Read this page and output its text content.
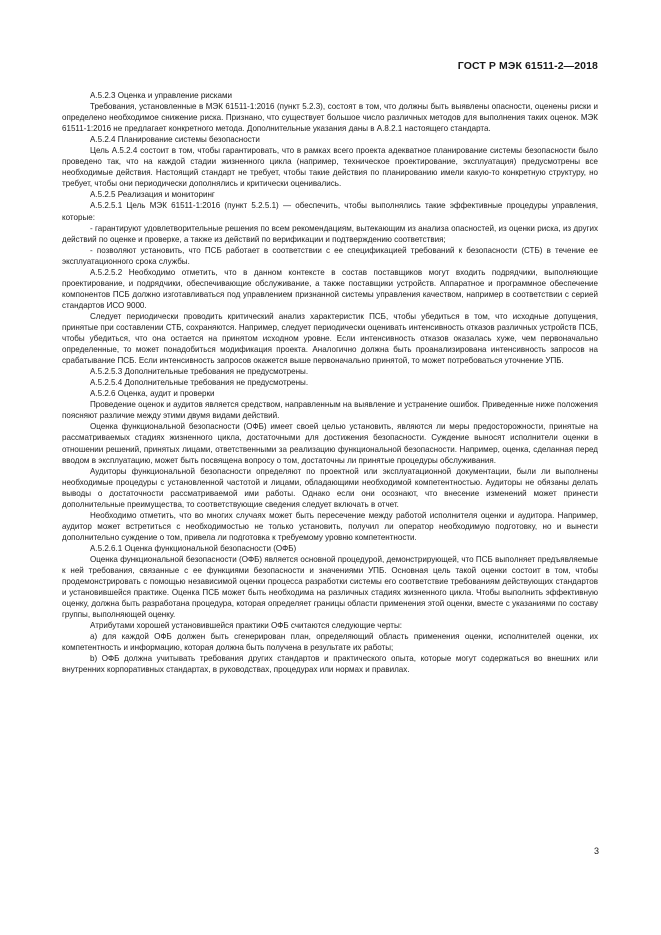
ГОСТ Р МЭК 61511-2—2018

А.5.2.3 Оценка и управление рисками

Требования, установленные в МЭК 61511-1:2016 (пункт 5.2.3), состоят в том, что должны быть выявлены опасности, оценены риски и определено необходимое снижение риска. Признано, что существует большое число различных методов для выполнения таких оценок. МЭК 61511-1:2016 не предлагает конкретного метода. Дополнительные указания даны в А.8.2.1 настоящего стандарта.

А.5.2.4 Планирование системы безопасности

Цель А.5.2.4 состоит в том, чтобы гарантировать, что в рамках всего проекта адекватное планирование системы безопасности было проведено так, что на каждой стадии жизненного цикла (например, техническое проектирование, эксплуатация) предусмотрены все необходимые действия. Настоящий стандарт не требует, чтобы такие действия по планированию имели какую-то конкретную структуру, но требует, чтобы они периодически дополнялись и критически оценивались.

А.5.2.5 Реализация и мониторинг

А.5.2.5.1 Цель МЭК 61511-1:2016 (пункт 5.2.5.1) — обеспечить, чтобы выполнялись такие эффективные процедуры управления, которые:

- гарантируют удовлетворительные решения по всем рекомендациям, вытекающим из анализа опасностей, из оценки риска, из других действий по оценке и проверке, а также из действий по верификации и подтверждению соответствия;

- позволяют установить, что ПСБ работает в соответствии с ее спецификацией требований к безопасности (СТБ) в течение ее эксплуатационного срока службы.

А.5.2.5.2 Необходимо отметить, что в данном контексте в состав поставщиков могут входить подрядчики, выполняющие проектирование, и подрядчики, обеспечивающие обслуживание, а также поставщики устройств. Аппаратное и программное обеспечение компонентов ПСБ должно изготавливаться под управлением признанной системы управления качеством, например в соответствии с серией стандартов ИСО 9000.

Следует периодически проводить критический анализ характеристик ПСБ, чтобы убедиться в том, что исходные допущения, принятые при составлении СТБ, сохраняются. Например, следует периодически оценивать интенсивность отказов различных устройств ПСБ, чтобы убедиться, что она остается на принятом исходном уровне. Если интенсивность отказов оказалась хуже, чем первоначально определенные, то может понадобиться модификация проекта. Аналогично должна быть проанализирована интенсивность запросов на срабатывание ПСБ. Если интенсивность запросов окажется выше первоначально принятой, то может потребоваться уточнение УПБ.

А.5.2.5.3 Дополнительные требования не предусмотрены.

А.5.2.5.4 Дополнительные требования не предусмотрены.

А.5.2.6 Оценка, аудит и проверки

Проведение оценок и аудитов является средством, направленным на выявление и устранение ошибок. Приведенные ниже положения поясняют различие между этими двумя видами действий.

Оценка функциональной безопасности (ОФБ) имеет своей целью установить, являются ли меры предосторожности, принятые на рассматриваемых стадиях жизненного цикла, достаточными для достижения безопасности. Суждение выносят исполнители оценки в отношении решений, принятых лицами, ответственными за реализацию функциональной безопасности. Например, оценка, сделанная перед вводом в эксплуатацию, может быть посвящена вопросу о том, достаточны ли принятые процедуры обслуживания.

Аудиторы функциональной безопасности определяют по проектной или эксплуатационной документации, были ли выполнены необходимые процедуры с установленной частотой и лицами, обладающими необходимой компетентностью. Аудиторы не обязаны делать выводы о достаточности рассматриваемой ими работы. Однако если они осознают, что внесение изменений может принести дополнительные преимущества, то соответствующие сведения следует включать в отчет.

Необходимо отметить, что во многих случаях может быть пересечение между работой исполнителя оценки и аудитора. Например, аудитор может встретиться с необходимостью не только установить, получил ли оператор необходимую подготовку, но и вынести дополнительно суждение о том, привела ли подготовка к требуемому уровню компетентности.

А.5.2.6.1 Оценка функциональной безопасности (ОФБ)

Оценка функциональной безопасности (ОФБ) является основной процедурой, демонстрирующей, что ПСБ выполняет предъявляемые к ней требования, связанные с ее функциями безопасности и значениями УПБ. Основная цель такой оценки состоит в том, чтобы продемонстрировать с помощью независимой оценки процесса разработки системы его соответствие требованиям действующих стандартов и установившейся практике. Оценка ПСБ может быть необходима на различных стадиях жизненного цикла. Чтобы выполнить эффективную оценку, должна быть разработана процедура, которая определяет границы области применения этой оценки, вместе с указаниями по составу группы, выполняющей оценку.

Атрибутами хорошей установившейся практики ОФБ считаются следующие черты:

а) для каждой ОФБ должен быть сгенерирован план, определяющий область применения оценки, исполнителей оценки, их компетентность и информацию, которая должна быть получена в результате их работы;

b) ОФБ должна учитывать требования других стандартов и практического опыта, которые могут содержаться во внешних или внутренних корпоративных стандартах, в руководствах, процедурах или нормах и правилах.

3
